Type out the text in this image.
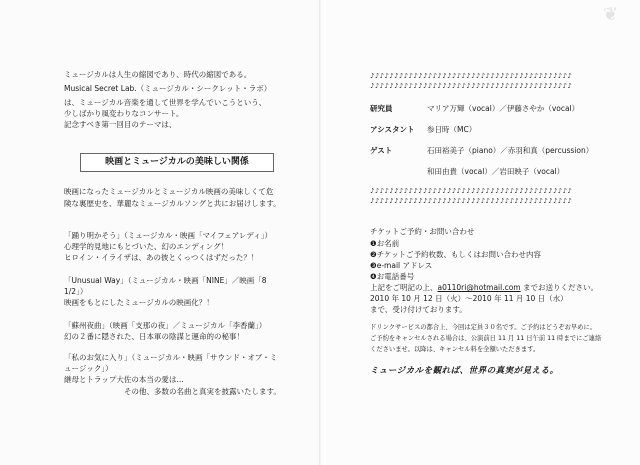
❦
ミュージカルは人生の縮図であり、時代の縮図である。
Musical Secret Lab.（ミュージカル・シークレット・ラボ）
は、ミュージカル音楽を通して世界を学んでいこうという、
少しばかり風変わりなコンサート。
記念すべき第一回目のテーマは、
映画とミュージカルの美味しい関係
映画になったミュージカルとミュージカル映画の美味しくて危
険な裏歴史を、華麗なミュージカルソングと共にお届けします。
「踊り明かそう」（ミュージカル・映画「マイフェアレディ」）
心理学的見地にもとづいた、幻のエンディング！
ヒロイン・イライザは、あの彼とくっつくはずだった？！
「Unusual Way」（ミュージカル・映画「NINE」／映画「8
1/2」）
映画をもとにしたミュージカルの映画化？！
「蘇州夜曲」（映画「支那の夜」／ミュージカル「李香蘭」）
幻の２番に隠された、日本軍の陰謀と運命的の秘事！
「私のお気に入り」（ミュージカル・映画「サウンド・オブ・ミ
ュージック」）
継母とトラップ大佐の本当の愛は…
その他、多数の名曲と真実を披露いたします。
♪♪♪♪♪♪♪♪♪♪♪♪♪♪♪♪♪♪♪♪♪♪♪♪♪♪♪♪♪♪♪♪♪♪♪♪♪♪♪♪♪♪
♪♪♪♪♪♪♪♪♪♪♪♪♪♪♪♪♪♪♪♪♪♪♪♪♪♪♪♪♪♪♪♪♪♪♪♪♪♪♪♪♪♪
研究員	マリア万輝（vocal）／伊藤さやか（vocal）
アシスタント 参日時（MC）
ゲスト	石田裕美子（piano）／赤羽和真（percussion）
和田由貴（vocal）／岩田映子（vocal）
♪♪♪♪♪♪♪♪♪♪♪♪♪♪♪♪♪♪♪♪♪♪♪♪♪♪♪♪♪♪♪♪♪♪♪♪♪♪♪♪♪♪
♪♪♪♪♪♪♪♪♪♪♪♪♪♪♪♪♪♪♪♪♪♪♪♪♪♪♪♪♪♪♪♪♪♪♪♪♪♪♪♪♪♪
チケットご予約・お問い合わせ
❶お名前
❷チケットご予約枚数、もしくはお問い合わせ内容
❸e-mail アドレス
❹お電話番号
上記をご明記の上、a0110ri@hotmail.com までお送りください。
2010 年 10 月 12 日（火）～2010 年 11 月 10 日（水）
まで、受け付けております。
ドリンクサービスの都合上、今回は定員３０名です。ご予約はどうぞお早めに。
ご予約をキャンセルされる場合は、公演前日 11 月 11 日午前 11 時までにご連絡
くださいませ。以降は、キャンセル料を全額いただきます。
ミュージカルを観れば、世界の真実が見える。
